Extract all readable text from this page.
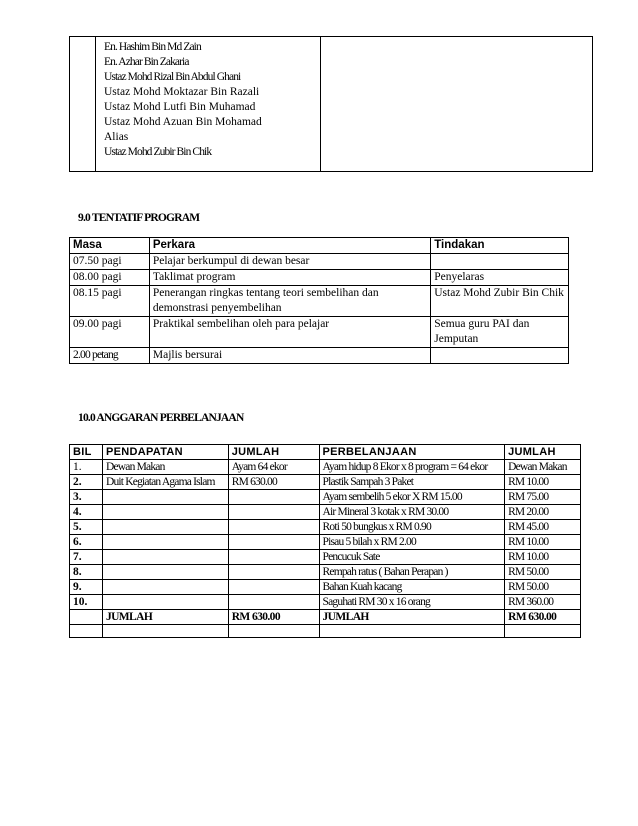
En. Hashim Bin Md Zain
En. Azhar Bin Zakaria
Ustaz Mohd Rizal Bin Abdul Ghani
Ustaz Mohd Moktazar Bin Razali
Ustaz Mohd Lutfi Bin Muhamad
Ustaz Mohd Azuan Bin Mohamad
Alias
Ustaz Mohd Zubir Bin Chik

9.0 TENTATIF PROGRAM
Masa	Perkara	Tindakan
07.50 pagi	Pelajar berkumpul di dewan besar	
08.00 pagi	Taklimat program	Penyelaras
08.15 pagi	Penerangan ringkas tentang teori sembelihan dan demonstrasi penyembelihan	Ustaz Mohd Zubir Bin Chik
09.00 pagi	Praktikal sembelihan oleh para pelajar	Semua guru PAI dan Jemputan
2.00 petang	Majlis bersurai	
10.0 ANGGARAN PERBELANJAAN
BIL	PENDAPATAN	JUMLAH	PERBELANJAAN	JUMLAH
1.	Dewan Makan	Ayam 64 ekor	Ayam hidup 8 Ekor x 8 program = 64 ekor	Dewan Makan
2.	Duit Kegiatan Agama Islam	RM 630.00	Plastik Sampah 3 Paket	RM 10.00
3.			Ayam sembelih 5 ekor X RM 15.00	RM 75.00
4.			Air Mineral 3 kotak x RM 30.00	RM 20.00
5.			Roti 50 bungkus x RM 0.90	RM 45.00
6.			Pisau 5 bilah x RM 2.00	RM 10.00
7.			Pencucuk Sate	RM 10.00
8.			Rempah ratus ( Bahan Perapan )	RM 50.00
9.			Bahan Kuah kacang	RM 50.00
10.			Saguhati RM 30 x 16 orang	RM 360.00
	JUMLAH	RM 630.00	JUMLAH	RM 630.00
